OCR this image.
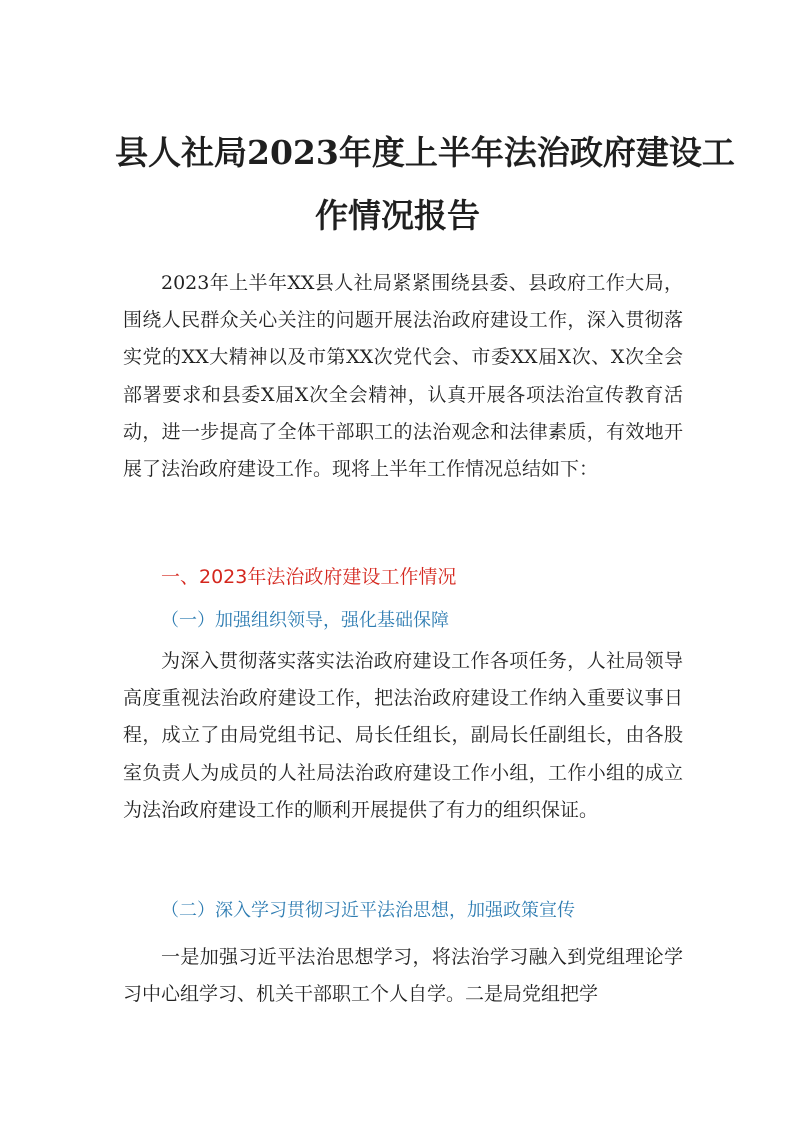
县人社局2023年度上半年法治政府建设工
作情况报告

2023年上半年XX县人社局紧紧围绕县委、县政府工作大局，围绕人民群众关心关注的问题开展法治政府建设工作，深入贯彻落实党的XX大精神以及市第XX次党代会、市委XX届X次、X次全会部署要求和县委X届X次全会精神，认真开展各项法治宣传教育活动，进一步提高了全体干部职工的法治观念和法律素质，有效地开展了法治政府建设工作。现将上半年工作情况总结如下：

一、2023年法治政府建设工作情况
（一）加强组织领导，强化基础保障

为深入贯彻落实落实法治政府建设工作各项任务，人社局领导高度重视法治政府建设工作，把法治政府建设工作纳入重要议事日程，成立了由局党组书记、局长任组长，副局长任副组长，由各股室负责人为成员的人社局法治政府建设工作小组，工作小组的成立为法治政府建设工作的顺利开展提供了有力的组织保证。

（二）深入学习贯彻习近平法治思想，加强政策宣传

一是加强习近平法治思想学习，将法治学习融入到党组理论学习中心组学习、机关干部职工个人自学。二是局党组把学
